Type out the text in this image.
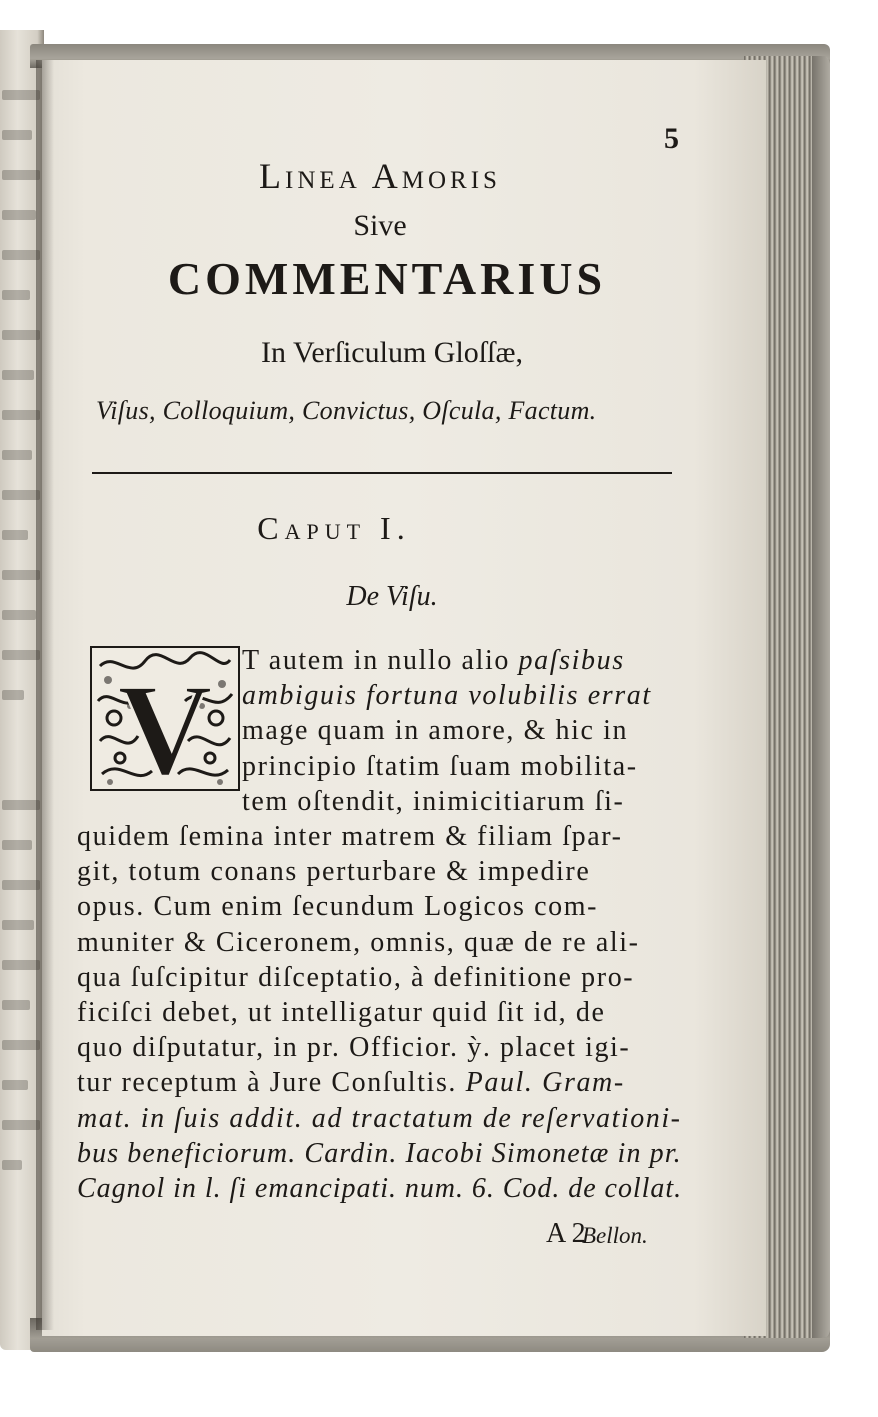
5
Linea Amoris
Sive
COMMENTARIUS
In Verſiculum Gloſſæ,
Viſus, Colloquium, Convictus, Oſcula, Factum.
Caput I.
De Viſu.
V T autem in nullo alio paſsibus
ambiguis fortuna volubilis errat
mage quam in amore, & hic in
principio ſtatim ſuam mobilita-
tem oſtendit, inimicitiarum ſi-
quidem ſemina inter matrem & filiam ſpar-
git, totum conans perturbare & impedire
opus. Cum enim ſecundum Logicos com-
muniter & Ciceronem, omnis, quæ de re ali-
qua ſuſcipitur diſceptatio, à definitione pro-
ficiſci debet, ut intelligatur quid ſit id, de
quo diſputatur, in pr. Officior. ỳ. placet igi-
tur receptum à Jure Conſultis. Paul. Gram-
mat. in ſuis addit. ad tractatum de reſervationi-
bus beneficiorum. Cardin. Iacobi Simonetæ in pr.
Cagnol in l. ſi emancipati. num. 6. Cod. de collat.
A 2
Bellon.
